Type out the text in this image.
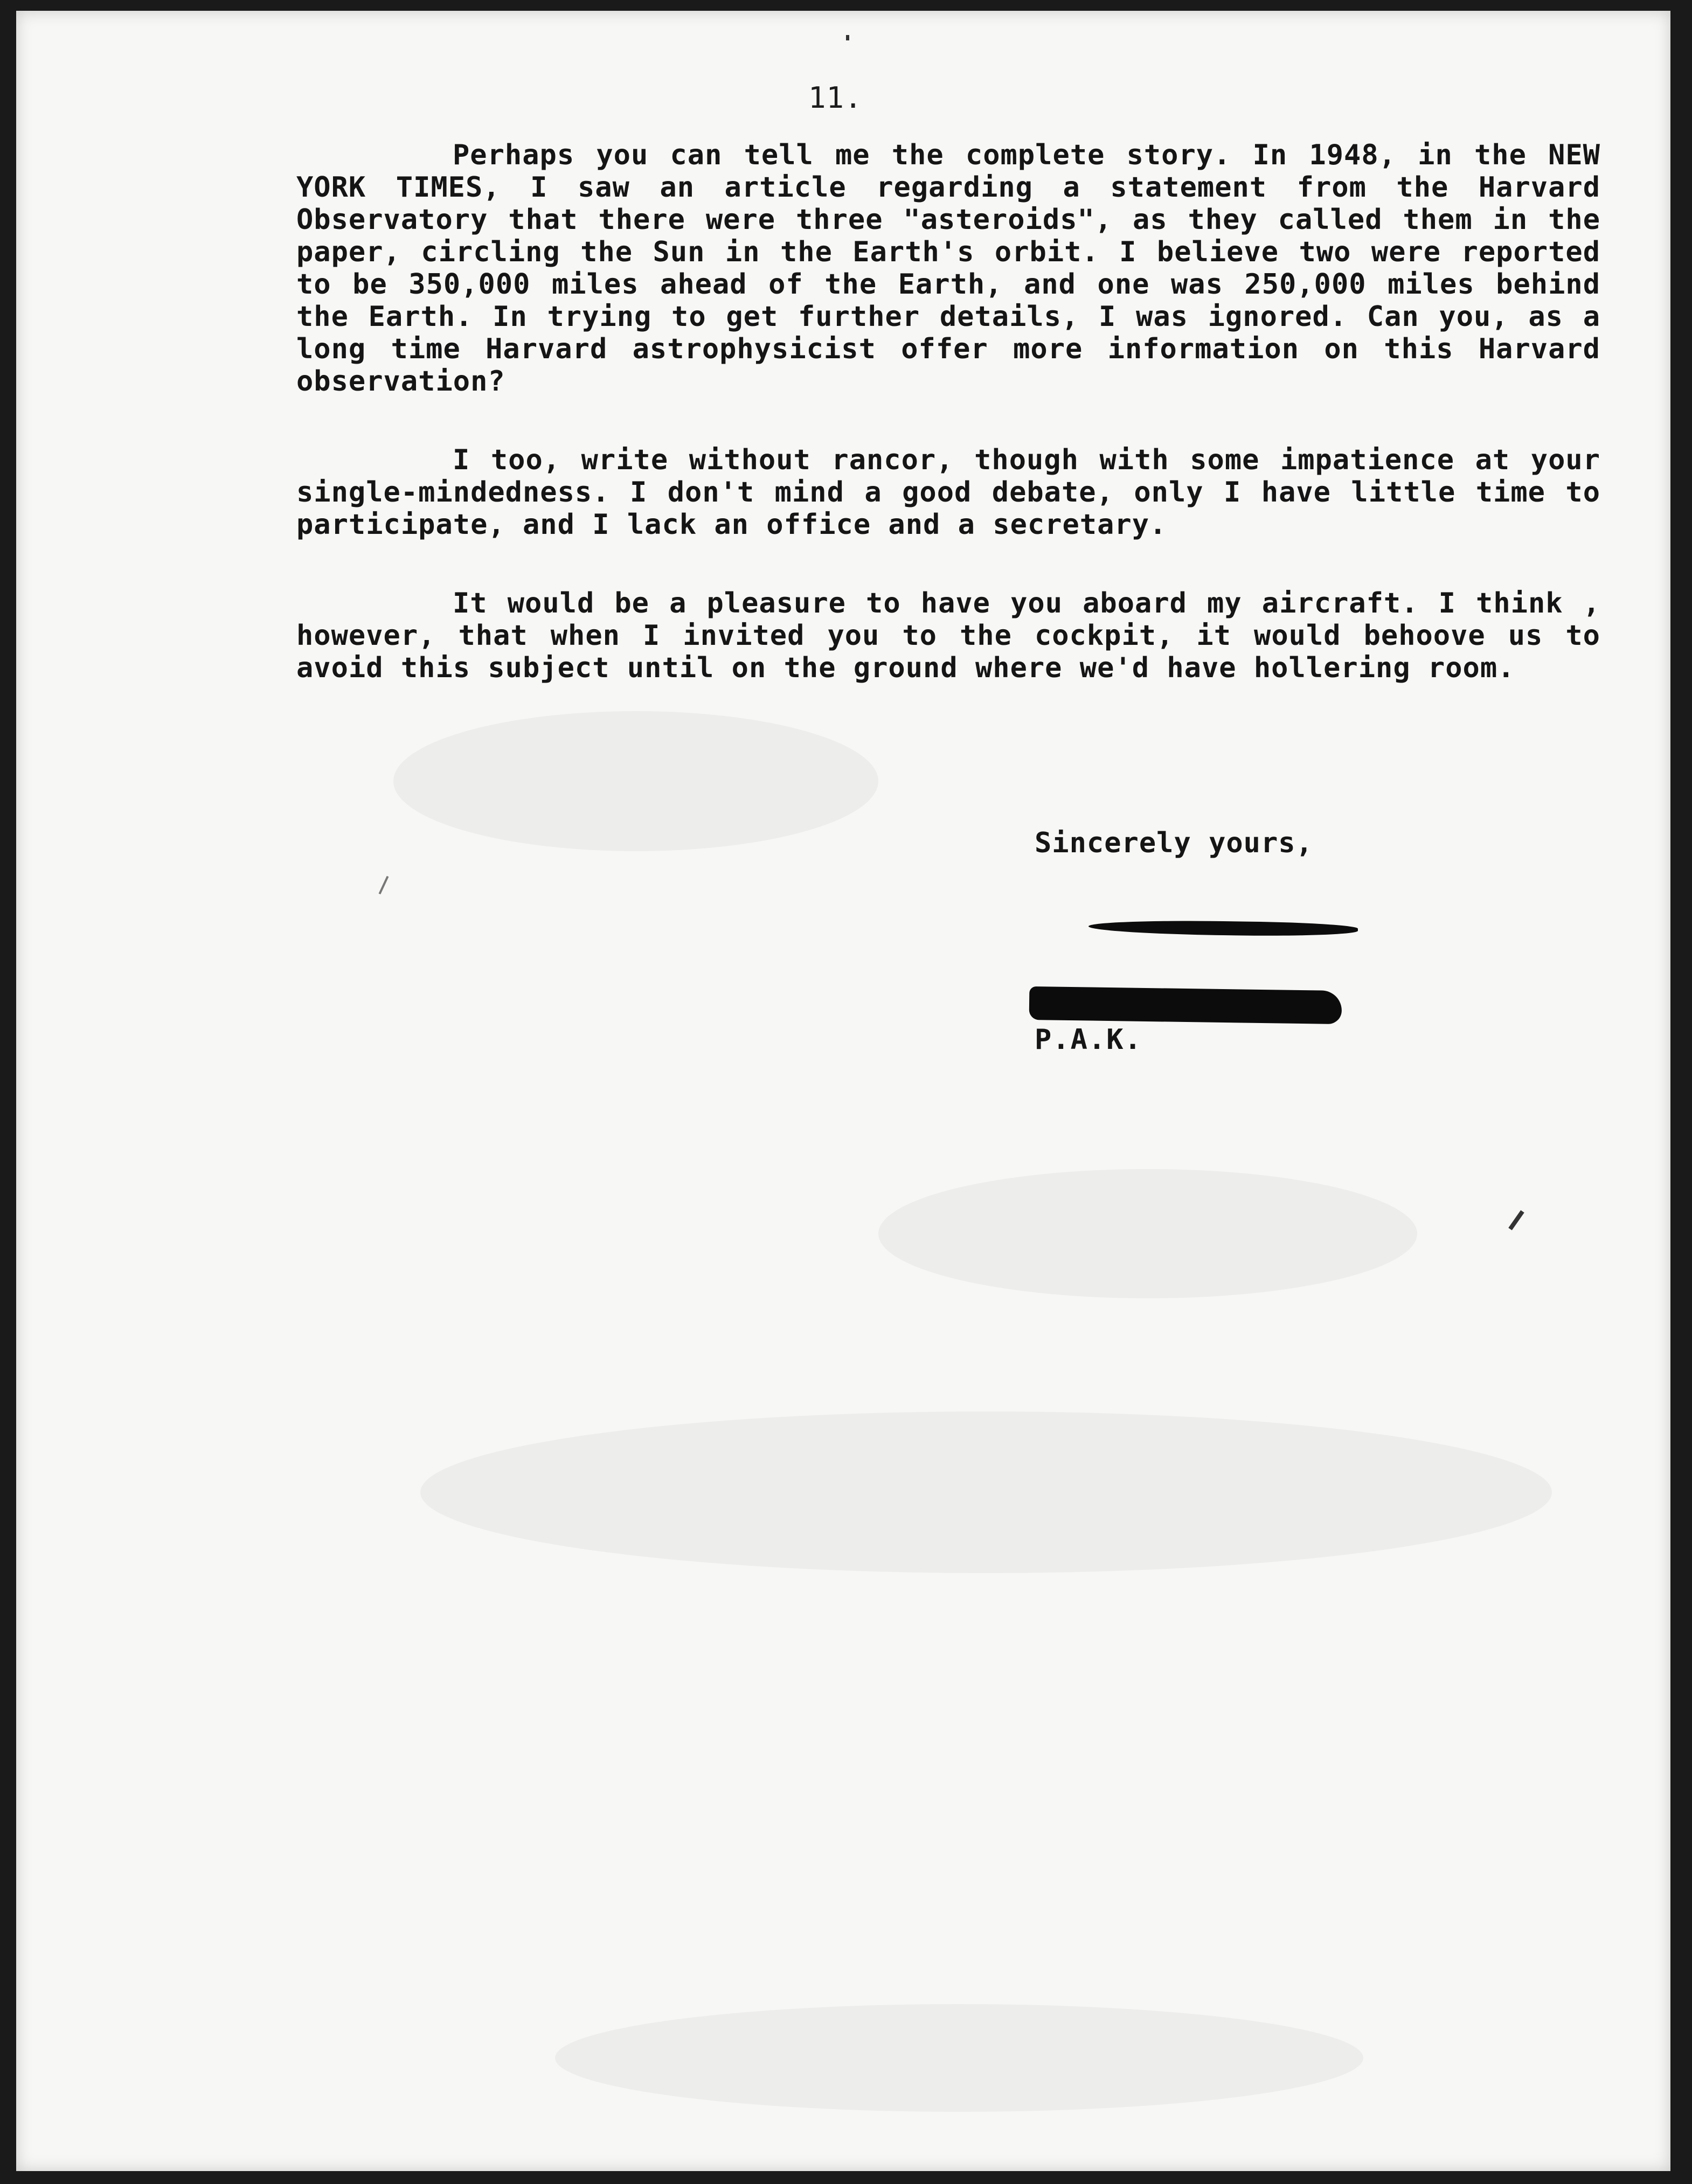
11.

Perhaps you can tell me the complete story. In 1948, in the NEW YORK TIMES, I saw an article regarding a statement from the Harvard Observatory that there were three "asteroids", as they called them in the paper, circling the Sun in the Earth's orbit. I believe two were reported to be 350,000 miles ahead of the Earth, and one was 250,000 miles behind the Earth. In trying to get further details, I was ignored. Can you, as a long time Harvard astrophysicist offer more information on this Harvard observation?

I too, write without rancor, though with some impatience at your single-mindedness. I don't mind a good debate, only I have little time to participate, and I lack an office and a secretary.

It would be a pleasure to have you aboard my aircraft. I think , however, that when I invited you to the cockpit, it would behoove us to avoid this subject until on the ground where we'd have hollering room.

Sincerely yours,
P.A.K.
